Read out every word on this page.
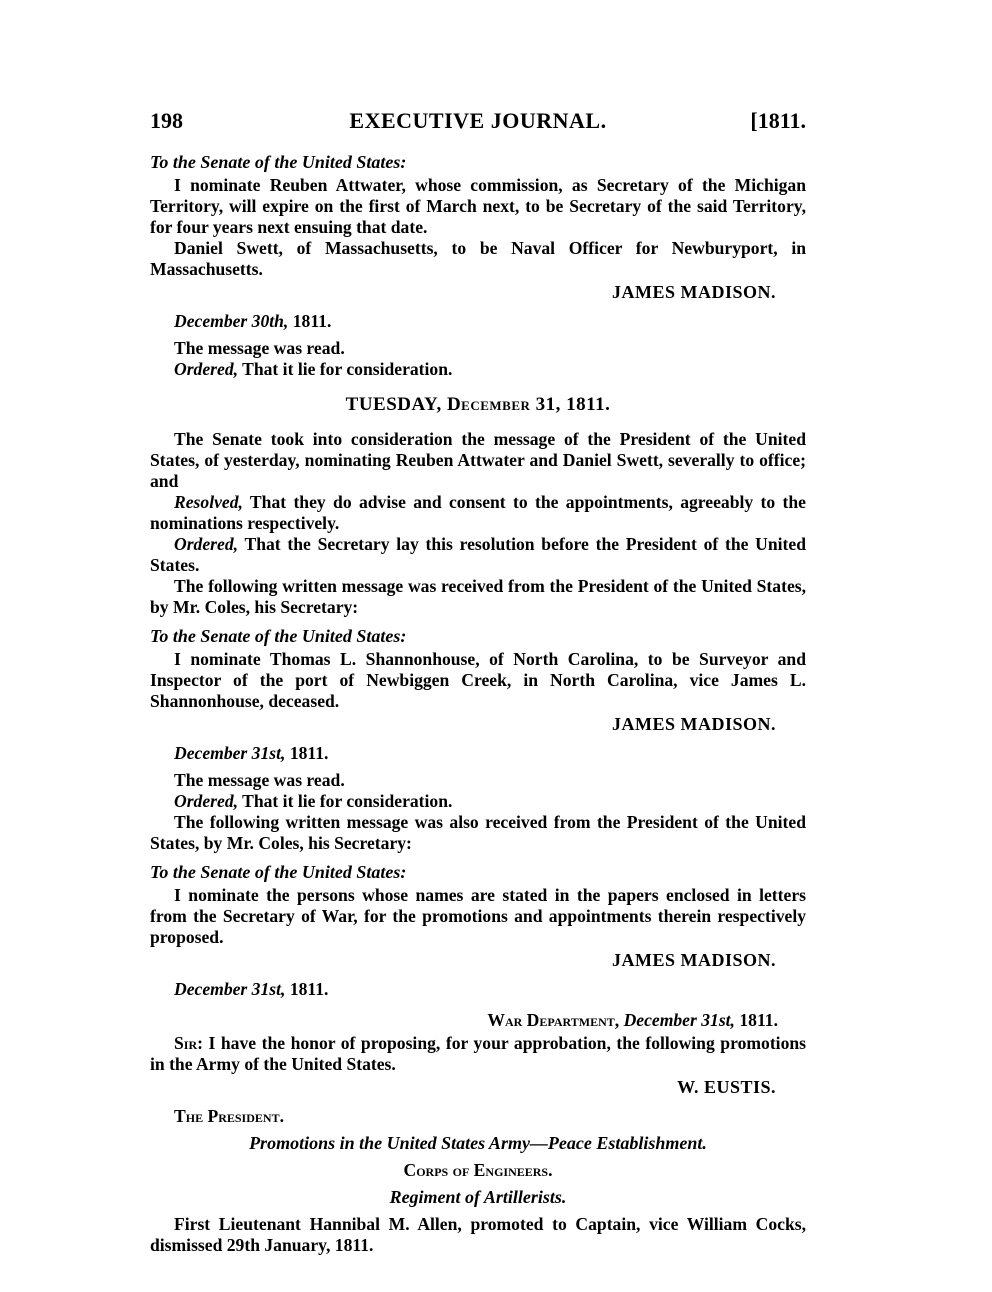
198	EXECUTIVE JOURNAL.	[1811.

To the Senate of the United States:

I nominate Reuben Attwater, whose commission, as Secretary of the Michigan Territory, will expire on the first of March next, to be Secretary of the said Territory, for four years next ensuing that date.

Daniel Swett, of Massachusetts, to be Naval Officer for Newburyport, in Massachusetts.

JAMES MADISON.

December 30th, 1811.

The message was read.

Ordered, That it lie for consideration.

TUESDAY, December 31, 1811.

The Senate took into consideration the message of the President of the United States, of yesterday, nominating Reuben Attwater and Daniel Swett, severally to office; and

Resolved, That they do advise and consent to the appointments, agreeably to the nominations respectively.

Ordered, That the Secretary lay this resolution before the President of the United States.

The following written message was received from the President of the United States, by Mr. Coles, his Secretary:

To the Senate of the United States:

I nominate Thomas L. Shannonhouse, of North Carolina, to be Surveyor and Inspector of the port of Newbiggen Creek, in North Carolina, vice James L. Shannonhouse, deceased.

JAMES MADISON.

December 31st, 1811.

The message was read.

Ordered, That it lie for consideration.

The following written message was also received from the President of the United States, by Mr. Coles, his Secretary:

To the Senate of the United States:

I nominate the persons whose names are stated in the papers enclosed in letters from the Secretary of War, for the promotions and appointments therein respectively proposed.

JAMES MADISON.

December 31st, 1811.

War Department, December 31st, 1811.

Sir: I have the honor of proposing, for your approbation, the following promotions in the Army of the United States.

W. EUSTIS.

The President.

Promotions in the United States Army—Peace Establishment.

Corps of Engineers.

Regiment of Artillerists.

First Lieutenant Hannibal M. Allen, promoted to Captain, vice William Cocks, dismissed 29th January, 1811.
